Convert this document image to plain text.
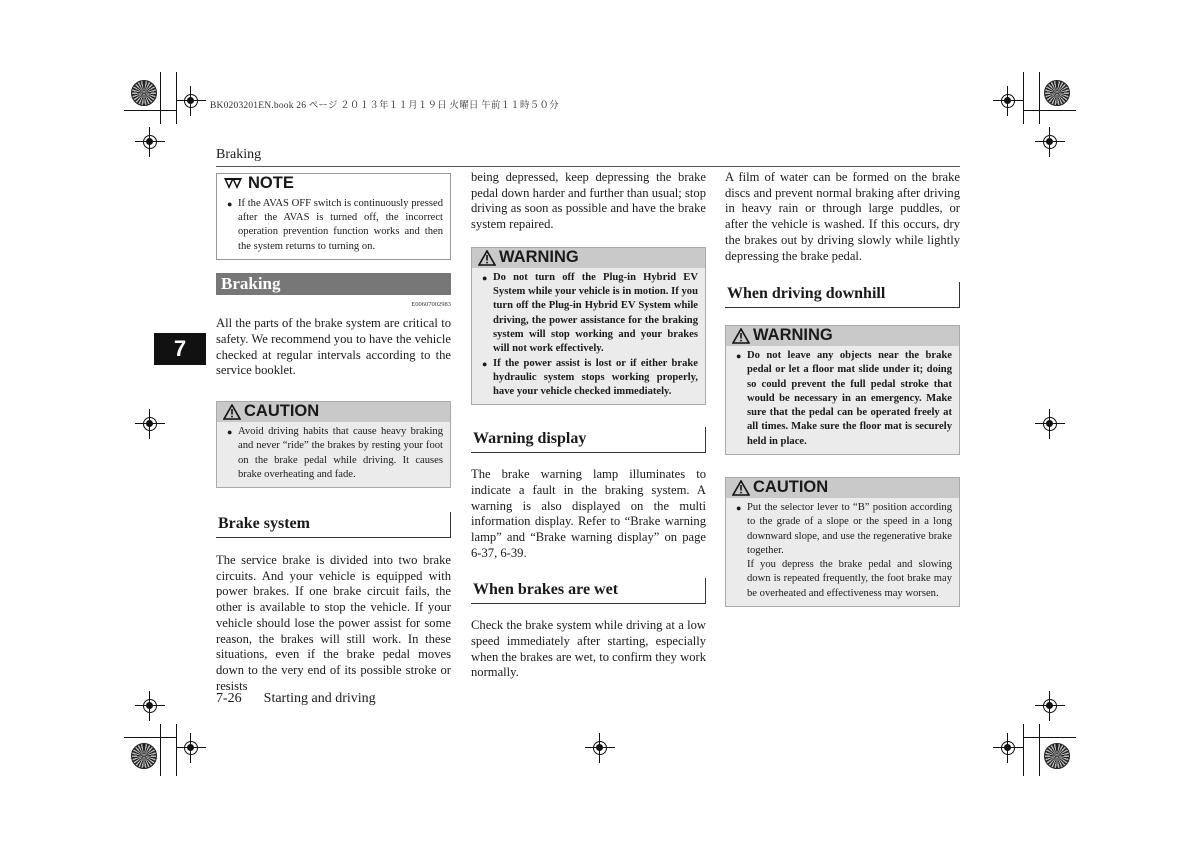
BK0203201EN.book 26 ページ ２０１３年１１月１９日 火曜日 午前１１時５０分
Braking
7
NOTE
● If the AVAS OFF switch is continuously pressed after the AVAS is turned off, the incorrect operation prevention function works and then the system returns to turning on.
Braking
E00607002983

All the parts of the brake system are critical to safety. We recommend you to have the vehicle checked at regular intervals according to the service booklet.

CAUTION
● Avoid driving habits that cause heavy braking and never “ride” the brakes by resting your foot on the brake pedal while driving. It causes brake overheating and fade.
Brake system

The service brake is divided into two brake circuits. And your vehicle is equipped with power brakes. If one brake circuit fails, the other is available to stop the vehicle. If your vehicle should lose the power assist for some reason, the brakes will still work. In these situations, even if the brake pedal moves down to the very end of its possible stroke or resists

being depressed, keep depressing the brake pedal down harder and further than usual; stop driving as soon as possible and have the brake system repaired.

WARNING
● Do not turn off the Plug-in Hybrid EV System while your vehicle is in motion. If you turn off the Plug-in Hybrid EV System while driving, the power assistance for the braking system will stop working and your brakes will not work effectively.
● If the power assist is lost or if either brake hydraulic system stops working properly, have your vehicle checked immediately.
Warning display

The brake warning lamp illuminates to indicate a fault in the braking system. A warning is also displayed on the multi information display. Refer to “Brake warning lamp” and “Brake warning display” on page 6-37, 6-39.

When brakes are wet

Check the brake system while driving at a low speed immediately after starting, especially when the brakes are wet, to confirm they work normally.

A film of water can be formed on the brake discs and prevent normal braking after driving in heavy rain or through large puddles, or after the vehicle is washed. If this occurs, dry the brakes out by driving slowly while lightly depressing the brake pedal.

When driving downhill
WARNING
● Do not leave any objects near the brake pedal or let a floor mat slide under it; doing so could prevent the full pedal stroke that would be necessary in an emergency. Make sure that the pedal can be operated freely at all times. Make sure the floor mat is securely held in place.
CAUTION
● Put the selector lever to “B” position according to the grade of a slope or the speed in a long downward slope, and use the regenerative brake together.
If you depress the brake pedal and slowing down is repeated frequently, the foot brake may be overheated and effectiveness may worsen.
7-26 Starting and driving
